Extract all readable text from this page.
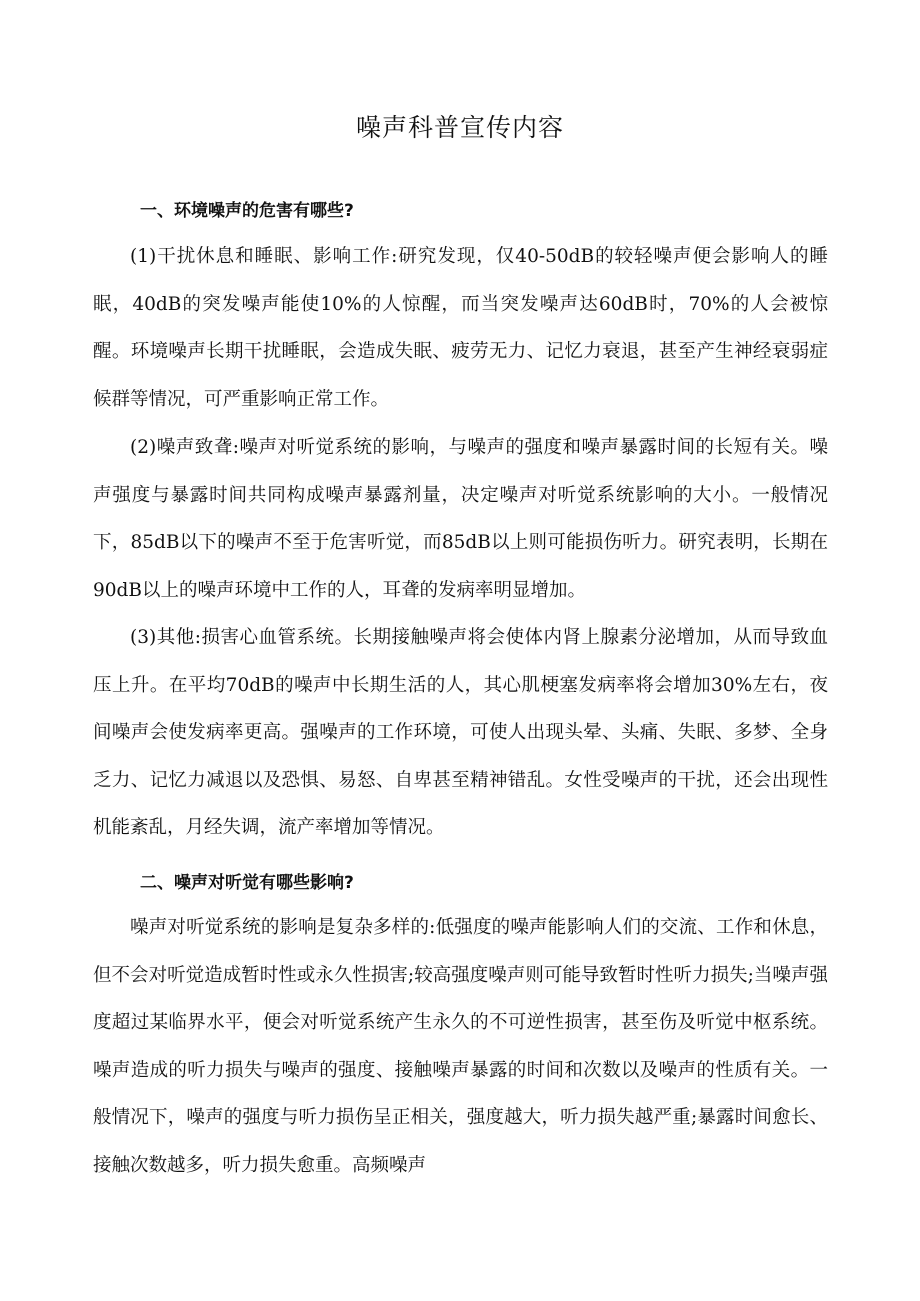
噪声科普宣传内容
一、环境噪声的危害有哪些?

(1)干扰休息和睡眠、影响工作:研究发现，仅40-50dB的较轻噪声便会影响人的睡眠，40dB的突发噪声能使10%的人惊醒，而当突发噪声达60dB时，70%的人会被惊醒。环境噪声长期干扰睡眠，会造成失眠、疲劳无力、记忆力衰退，甚至产生神经衰弱症候群等情况，可严重影响正常工作。

(2)噪声致聋:噪声对听觉系统的影响，与噪声的强度和噪声暴露时间的长短有关。噪声强度与暴露时间共同构成噪声暴露剂量，决定噪声对听觉系统影响的大小。一般情况下，85dB以下的噪声不至于危害听觉，而85dB以上则可能损伤听力。研究表明，长期在90dB以上的噪声环境中工作的人，耳聋的发病率明显增加。

(3)其他:损害心血管系统。长期接触噪声将会使体内肾上腺素分泌增加，从而导致血压上升。在平均70dB的噪声中长期生活的人，其心肌梗塞发病率将会增加30%左右，夜间噪声会使发病率更高。强噪声的工作环境，可使人出现头晕、头痛、失眠、多梦、全身乏力、记忆力减退以及恐惧、易怒、自卑甚至精神错乱。女性受噪声的干扰，还会出现性机能紊乱，月经失调，流产率增加等情况。

二、噪声对听觉有哪些影响?

噪声对听觉系统的影响是复杂多样的:低强度的噪声能影响人们的交流、工作和休息，但不会对听觉造成暂时性或永久性损害;较高强度噪声则可能导致暂时性听力损失;当噪声强度超过某临界水平，便会对听觉系统产生永久的不可逆性损害，甚至伤及听觉中枢系统。噪声造成的听力损失与噪声的强度、接触噪声暴露的时间和次数以及噪声的性质有关。一般情况下，噪声的强度与听力损伤呈正相关，强度越大，听力损失越严重;暴露时间愈长、接触次数越多，听力损失愈重。高频噪声
